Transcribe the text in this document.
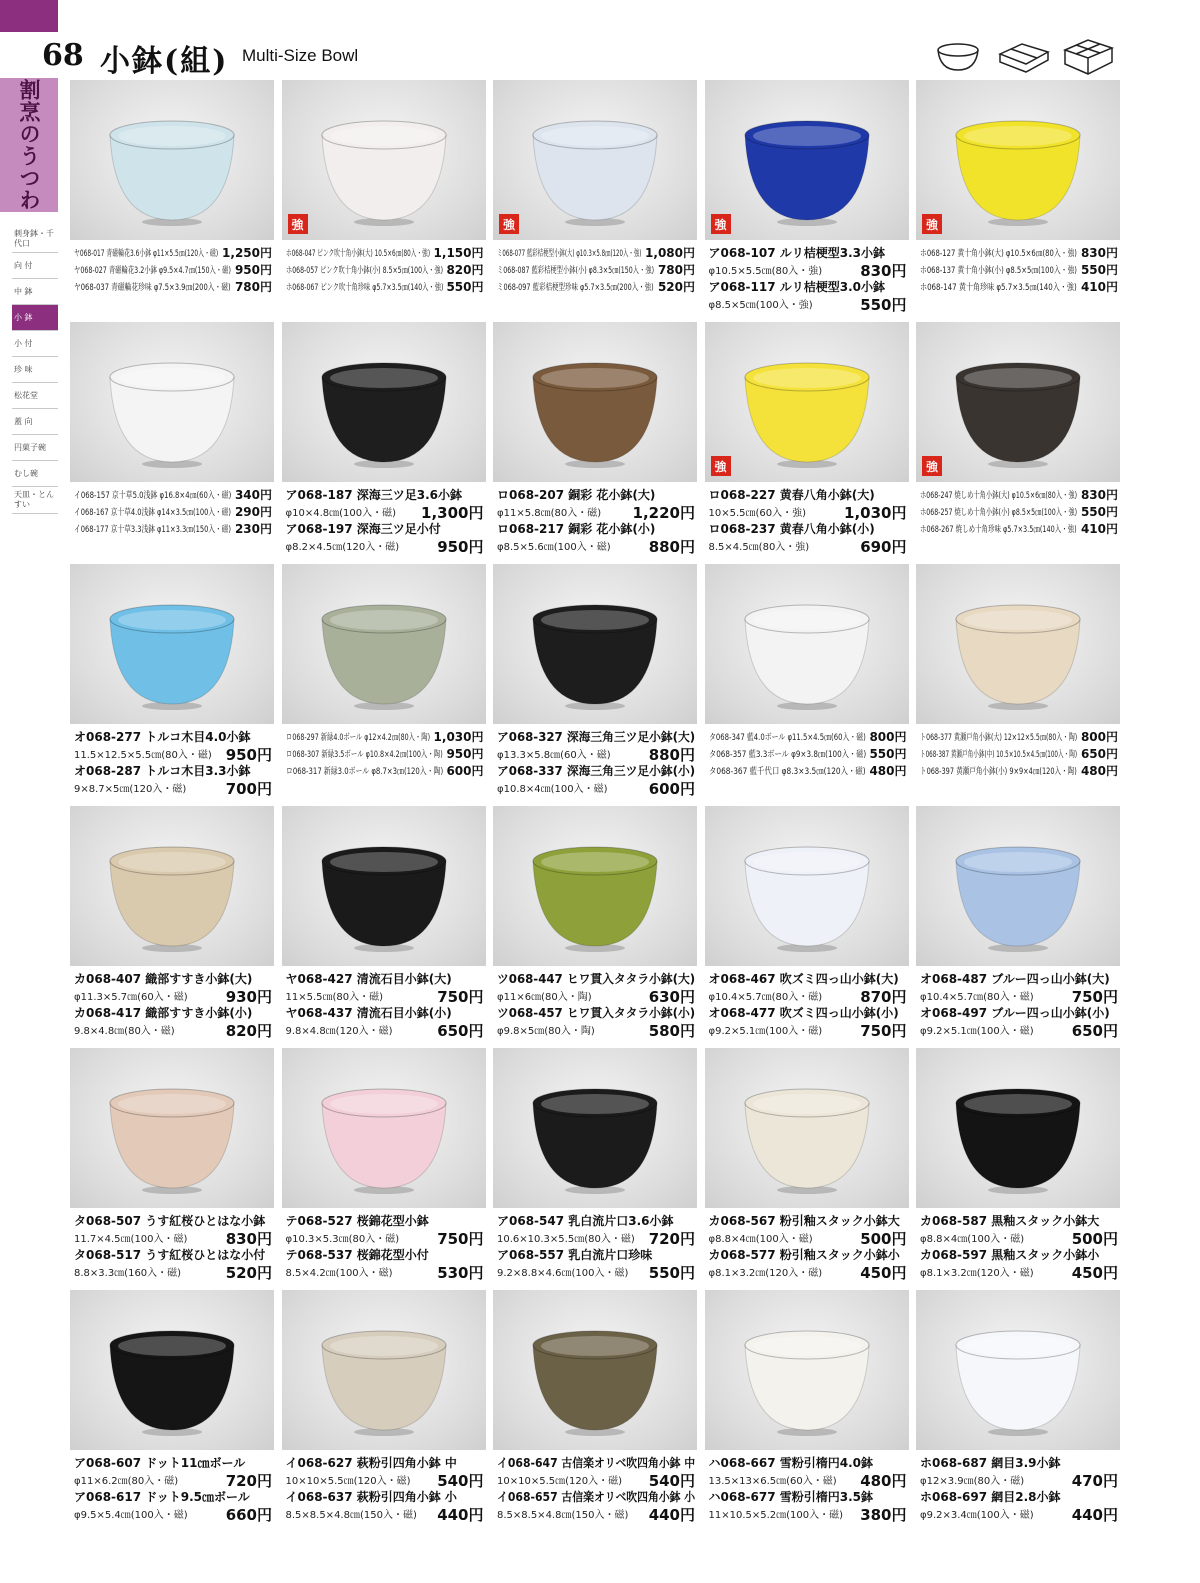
68 小鉢(組) Multi-Size Bowl
割烹のうつわ
刺身鉢・千代口
向 付
中 鉢
小 鉢
小 付
珍 味
松花堂
蓋 向
円菓子碗
むし碗
天皿・とんすい
ヤ068-017 青磁輪花3.6小鉢 φ11×5.5㎝(120入・磁) 1,250円
ヤ068-027 青磁輪花3.2小鉢 φ9.5×4.7㎝(150入・磁) 950円
ヤ068-037 青磁輪花珍味 φ7.5×3.9㎝(200入・磁) 780円
強
ホ068-047 ピンク吹十角小鉢(大) 10.5×6㎝(80入・強) 1,150円
ホ068-057 ピンク吹十角小鉢(小) 8.5×5㎝(100入・強) 820円
ホ068-067 ピンク吹十角珍味 φ5.7×3.5㎝(140入・強) 550円
強
ミ068-077 藍彩桔梗型小鉢(大) φ10.3×5.8㎝(120入・強) 1,080円
ミ068-087 藍彩桔梗型小鉢(小) φ8.3×5㎝(150入・強) 780円
ミ068-097 藍彩桔梗型珍味 φ5.7×3.5㎝(200入・強) 520円
強
ア068-107 ルリ桔梗型3.3小鉢
φ10.5×5.5㎝(80入・強)	830円
ア068-117 ルリ桔梗型3.0小鉢
φ8.5×5㎝(100入・強)	550円
強
ホ068-127 黄十角小鉢(大) φ10.5×6㎝(80入・強) 830円
ホ068-137 黄十角小鉢(小) φ8.5×5㎝(100入・強) 550円
ホ068-147 黄十角珍味 φ5.7×3.5㎝(140入・強) 410円
イ068-157 京十草5.0浅鉢 φ16.8×4㎝(60入・磁) 340円
イ068-167 京十草4.0浅鉢 φ14×3.5㎝(100入・磁) 290円
イ068-177 京十草3.3浅鉢 φ11×3.3㎝(150入・磁) 230円
ア068-187 深海三ツ足3.6小鉢
φ10×4.8㎝(100入・磁) 1,300円
ア068-197 深海三ツ足小付
φ8.2×4.5㎝(120入・磁)	950円
ロ068-207 銅彩 花小鉢(大)
φ11×5.8㎝(80入・磁) 1,220円
ロ068-217 銅彩 花小鉢(小)
φ8.5×5.6㎝(100入・磁)	880円
強
ロ068-227 黄春八角小鉢(大)
10×5.5㎝(60入・強)	1,030円
ロ068-237 黄春八角小鉢(小)
8.5×4.5㎝(80入・強)	690円
強
ホ068-247 焼しめ十角小鉢(大) φ10.5×6㎝(80入・強) 830円
ホ068-257 焼しめ十角小鉢(小) φ8.5×5㎝(100入・強) 550円
ホ068-267 焼しめ十角珍味 φ5.7×3.5㎝(140入・強) 410円
オ068-277 トルコ木目4.0小鉢
11.5×12.5×5.5㎝(80入・磁) 950円
オ068-287 トルコ木目3.3小鉢
9×8.7×5㎝(120入・磁)	700円
ロ068-297 新緑4.0ボール φ12×4.2㎝(80入・陶) 1,030円
ロ068-307 新緑3.5ボール φ10.8×4.2㎝(100入・陶) 950円
ロ068-317 新緑3.0ボール φ8.7×3㎝(120入・陶) 600円
ア068-327 深海三角三ツ足小鉢(大)
φ13.3×5.8㎝(60入・磁)	880円
ア068-337 深海三角三ツ足小鉢(小)
φ10.8×4㎝(100入・磁)	600円
タ068-347 藍4.0ボール φ11.5×4.5㎝(60入・磁) 800円
タ068-357 藍3.3ボール φ9×3.8㎝(100入・磁) 550円
タ068-367 藍千代口 φ8.3×3.5㎝(120入・磁) 480円
ト068-377 黄瀬戸角小鉢(大) 12×12×5.5㎝(80入・陶) 800円
ト068-387 黄瀬戸角小鉢(中) 10.5×10.5×4.5㎝(100入・陶) 650円
ト068-397 黄瀬戸角小鉢(小) 9×9×4㎝(120入・陶) 480円
カ068-407 織部すすき小鉢(大)
φ11.3×5.7㎝(60入・磁)	930円
カ068-417 織部すすき小鉢(小)
9.8×4.8㎝(80入・磁)	820円
ヤ068-427 清流石目小鉢(大)
11×5.5㎝(80入・磁)	750円
ヤ068-437 清流石目小鉢(小)
9.8×4.8㎝(120入・磁)	650円
ツ068-447 ヒワ貫入タタラ小鉢(大)
φ11×6㎝(80入・陶)	630円
ツ068-457 ヒワ貫入タタラ小鉢(小)
φ9.8×5㎝(80入・陶)	580円
オ068-467 吹ズミ四っ山小鉢(大)
φ10.4×5.7㎝(80入・磁)	870円
オ068-477 吹ズミ四っ山小鉢(小)
φ9.2×5.1㎝(100入・磁)	750円
オ068-487 ブルー四っ山小鉢(大)
φ10.4×5.7㎝(80入・磁)	750円
オ068-497 ブルー四っ山小鉢(小)
φ9.2×5.1㎝(100入・磁)	650円
タ068-507 うす紅桜ひとはな小鉢
11.7×4.5㎝(100入・磁)	830円
タ068-517 うす紅桜ひとはな小付
8.8×3.3㎝(160入・磁)	520円
テ068-527 桜錦花型小鉢
φ10.3×5.3㎝(80入・磁)	750円
テ068-537 桜錦花型小付
8.5×4.2㎝(100入・磁)	530円
ア068-547 乳白流片口3.6小鉢
10.6×10.3×5.5㎝(80入・磁) 720円
ア068-557 乳白流片口珍味
9.2×8.8×4.6㎝(100入・磁) 550円
カ068-567 粉引釉スタック小鉢大
φ8.8×4㎝(100入・磁)	500円
カ068-577 粉引釉スタック小鉢小
φ8.1×3.2㎝(120入・磁)	450円
カ068-587 黒釉スタック小鉢大
φ8.8×4㎝(100入・磁)	500円
カ068-597 黒釉スタック小鉢小
φ8.1×3.2㎝(120入・磁)	450円
ア068-607 ドット11㎝ボール
φ11×6.2㎝(80入・磁)	720円
ア068-617 ドット9.5㎝ボール
φ9.5×5.4㎝(100入・磁)	660円
イ068-627 萩粉引四角小鉢 中
10×10×5.5㎝(120入・磁) 540円
イ068-637 萩粉引四角小鉢 小
8.5×8.5×4.8㎝(150入・磁) 440円
イ068-647 古信楽オリベ吹四角小鉢 中
10×10×5.5㎝(120入・磁) 540円
イ068-657 古信楽オリベ吹四角小鉢 小
8.5×8.5×4.8㎝(150入・磁) 440円
ハ068-667 雪粉引楕円4.0鉢
13.5×13×6.5㎝(60入・磁) 480円
ハ068-677 雪粉引楕円3.5鉢
11×10.5×5.2㎝(100入・磁) 380円
ホ068-687 網目3.9小鉢
φ12×3.9㎝(80入・磁)	470円
ホ068-697 網目2.8小鉢
φ9.2×3.4㎝(100入・磁)	440円
